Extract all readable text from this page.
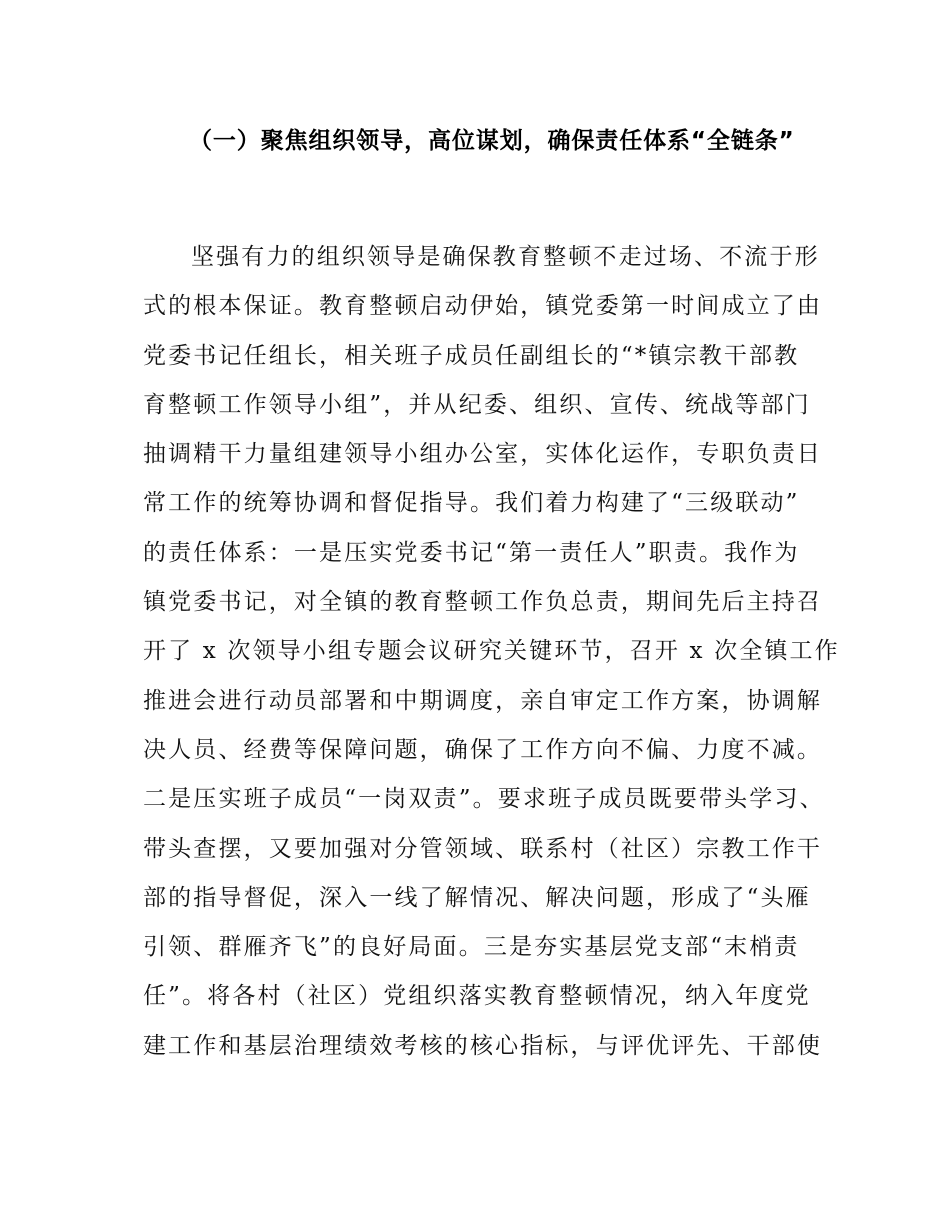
（一）聚焦组织领导，高位谋划，确保责任体系“全链条”
坚强有力的组织领导是确保教育整顿不走过场、不流于形
式的根本保证。教育整顿启动伊始，镇党委第一时间成立了由
党委书记任组长，相关班子成员任副组长的“*镇宗教干部教
育整顿工作领导小组”，并从纪委、组织、宣传、统战等部门
抽调精干力量组建领导小组办公室，实体化运作，专职负责日
常工作的统筹协调和督促指导。我们着力构建了“三级联动”
的责任体系：一是压实党委书记“第一责任人”职责。我作为
镇党委书记，对全镇的教育整顿工作负总责，期间先后主持召
开了 x 次领导小组专题会议研究关键环节，召开 x 次全镇工作
推进会进行动员部署和中期调度，亲自审定工作方案，协调解
决人员、经费等保障问题，确保了工作方向不偏、力度不减。
二是压实班子成员“一岗双责”。要求班子成员既要带头学习、
带头查摆，又要加强对分管领域、联系村（社区）宗教工作干
部的指导督促，深入一线了解情况、解决问题，形成了“头雁
引领、群雁齐飞”的良好局面。三是夯实基层党支部“末梢责
任”。将各村（社区）党组织落实教育整顿情况，纳入年度党
建工作和基层治理绩效考核的核心指标，与评优评先、干部使
